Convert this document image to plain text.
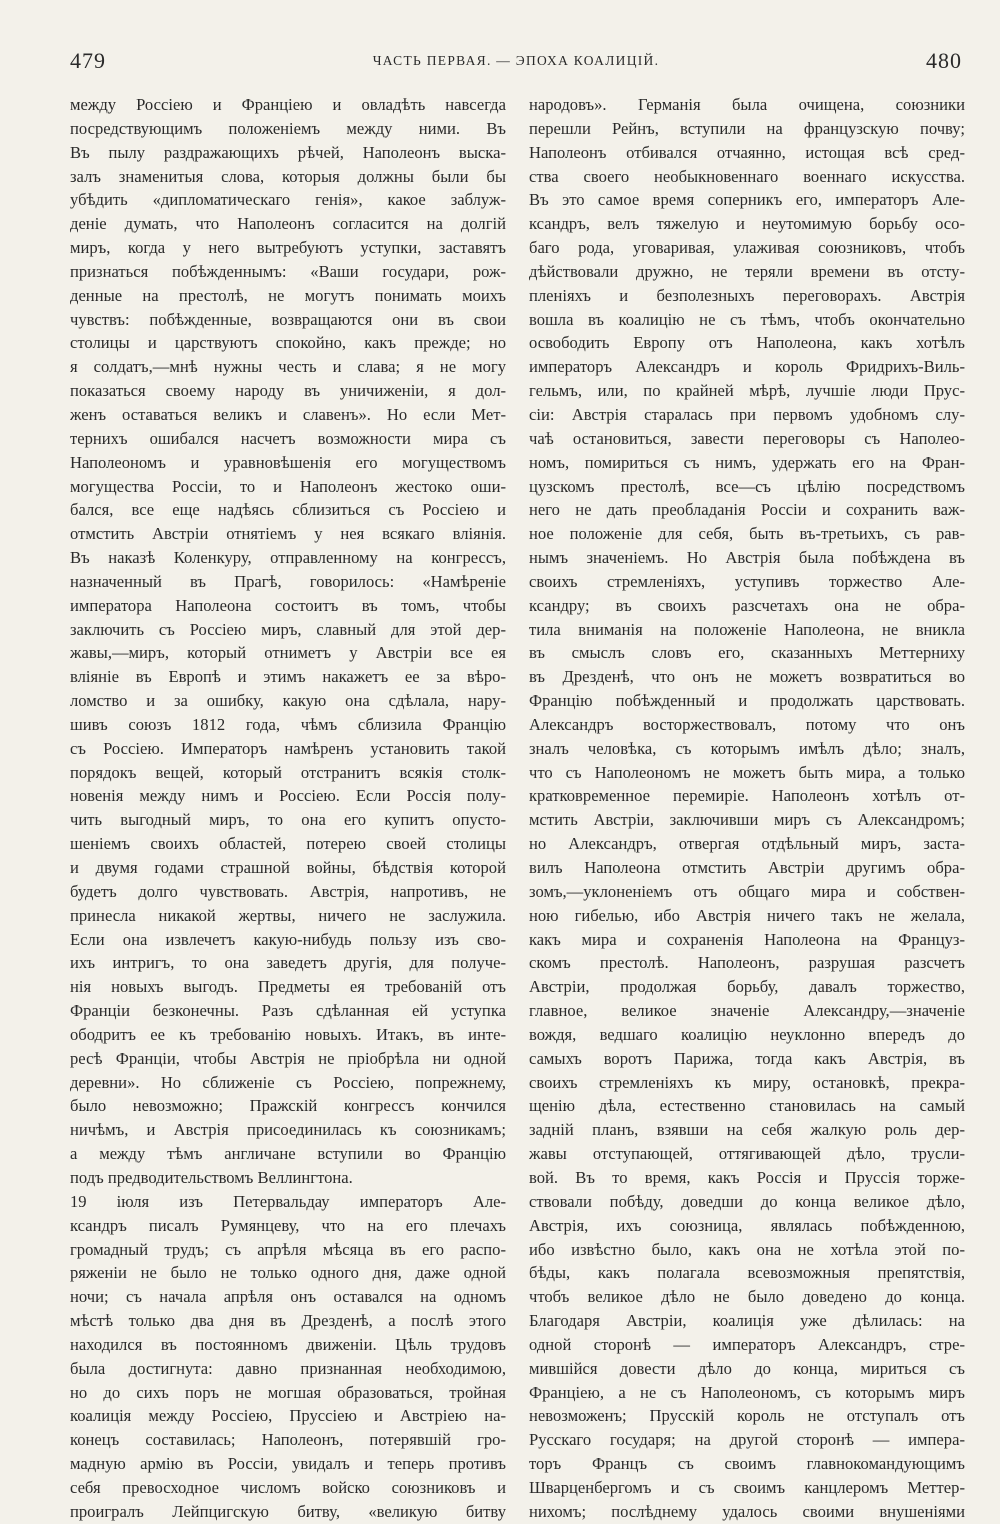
479	ЧАСТЬ ПЕРВАЯ. — ЭПОХА КОАЛИЦІЙ.	480
между Россіею и Франціею и овладѣть навсегда
посредствующимъ положеніемъ между ними. Въ
Въ пылу раздражающихъ рѣчей, Наполеонъ выска-
залъ знаменитыя слова, которыя должны были бы
убѣдить «дипломатическаго генія», какое заблуж-
деніе думать, что Наполеонъ согласится на долгій
миръ, когда у него вытребуютъ уступки, заставятъ
признаться побѣжденнымъ: «Ваши государи, рож-
денные на престолѣ, не могутъ понимать моихъ
чувствъ: побѣжденные, возвращаются они въ свои
столицы и царствуютъ спокойно, какъ прежде; но
я солдатъ,—мнѣ нужны честь и слава; я не могу
показаться своему народу въ уничиженіи, я дол-
женъ оставаться великъ и славенъ». Но если Мет-
терниxъ ошибался насчетъ возможности мира съ
Наполеономъ и уравновѣшенія его могуществомъ
могущества Россіи, то и Наполеонъ жестоко оши-
бался, все еще надѣясь сблизиться съ Россіею и
отмстить Австріи отнятіемъ у нея всякаго вліянія.
Въ наказѣ Коленкуру, отправленному на конгрессъ,
назначенный въ Прагѣ, говорилось: «Намѣреніе
императора Наполеона состоитъ въ томъ, чтобы
заключить съ Россіею миръ, славный для этой дер-
жавы,—миръ, который отниметъ у Австріи все ея
вліяніе въ Европѣ и этимъ накажетъ ее за вѣро-
ломство и за ошибку, какую она сдѣлала, нару-
шивъ союзъ 1812 года, чѣмъ сблизила Францію
съ Россіею. Императоръ намѣренъ установить такой
порядокъ вещей, который отстранитъ всякія столк-
новенія между нимъ и Россіею. Если Россія полу-
чить выгодный миръ, то она его купитъ опусто-
шеніемъ своихъ областей, потерею своей столицы
и двумя годами страшной войны, бѣдствія которой
будетъ долго чувствовать. Австрія, напротивъ, не
принесла никакой жертвы, ничего не заслужила.
Если она извлечетъ какую-нибудь пользу изъ свo-
ихъ интригъ, то она заведетъ другія, для получе-
нія новыхъ выгодъ. Предметы ея требованій отъ
Франціи безконечны. Разъ сдѣланная ей уступка
ободритъ ее къ требованію новыхъ. Итакъ, въ инте-
ресѣ Франціи, чтобы Австрія не пріобрѣла ни одной
деревни». Но сближеніе съ Россіею, попрежнему,
было невозможно; Пражскій конгрессъ кончился
ничѣмъ, и Австрія присоединилась къ союзникамъ;
а между тѣмъ англичане вступили во Францію
подъ предводительствомъ Веллингтона.
19 іюля изъ Петервальдау императоръ Але-
ксандръ писалъ Румянцеву, что на его плечахъ
громадный трудъ; съ апрѣля мѣсяца въ его распо-
ряженіи не было не только одного дня, даже одной
ночи; съ начала апрѣля онъ оставался на одномъ
мѣстѣ только два дня въ Дрезденѣ, а послѣ этого
находился въ постоянномъ движеніи. Цѣль трудовъ
была достигнута: давно признанная необходимою,
но до сихъ поръ не могшая образоваться, тройная
коалиція между Россіею, Пруссіею и Австріею на-
конецъ составилась; Наполеонъ, потерявшій гро-
мадную армію въ Россіи, увидалъ и теперь противъ
себя превосходное числомъ войско союзниковъ и
проигралъ Лейпцигскую битву, «великую битву
народовъ». Германія была очищена, союзники
перешли Рейнъ, вступили на французскую почву;
Наполеонъ отбивался отчаянно, истощая всѣ сред-
ства своего необыкновеннаго военнаго искусства.
Въ это самое время соперникъ его, императоръ Але-
ксандръ, велъ тяжелую и неутомимую борьбу осо-
баго рода, уговаривая, улаживая союзниковъ, чтобъ
дѣйствовали дружно, не теряли времени въ отсту-
пленіяхъ и безполезныхъ переговорахъ. Австрія
вошла въ коалицію не съ тѣмъ, чтобъ окончательно
освободить Европу отъ Наполеона, какъ хотѣлъ
императоръ Александръ и король Фридрихъ-Виль-
гельмъ, или, по крайней мѣрѣ, лучшіе люди Прус-
сіи: Австрія старалась при первомъ удобномъ слу-
чаѣ остановиться, завести переговоры съ Наполео-
номъ, помириться съ нимъ, удержать его на Фран-
цузскомъ престолѣ, все—съ цѣлію посредствомъ
него не дать преобладанія Россіи и сохранить важ-
ное положеніе для себя, быть въ-третьихъ, съ рав-
нымъ значеніемъ. Но Австрія была побѣждена въ
своихъ стремленіяхъ, уступивъ торжество Але-
ксандру; въ своихъ разсчетахъ она не обра-
тила вниманія на положеніе Наполеона, не вникла
въ смыслъ словъ его, сказанныхъ Меттерниху
въ Дрезденѣ, что онъ не можетъ возвратиться во
Францію побѣжденный и продолжать царствовать.
Александръ восторжествовалъ, потому что онъ
зналъ человѣка, съ которымъ имѣлъ дѣло; зналъ,
что съ Наполеономъ не можетъ быть мира, а только
кратковременное перемиріе. Наполеонъ хотѣлъ от-
мстить Австріи, заключивши миръ съ Александромъ;
но Александръ, отвергая отдѣльный миръ, заста-
вилъ Наполеона отмстить Австріи другимъ обра-
зомъ,—уклоненіемъ отъ общаго мира и собствен-
ною гибелью, ибо Австрія ничего такъ не желала,
какъ мира и сохраненія Наполеона на Француз-
скомъ престолѣ. Наполеонъ, разрушая разсчетъ
Австріи, продолжая борьбу, давалъ торжество,
главное, великое значеніе Александру,—значеніе
вождя, ведшаго коалицію неуклонно впередъ до
самыхъ воротъ Парижа, тогда какъ Австрія, въ
своихъ стремленіяхъ къ миру, остановкѣ, прекра-
щенію дѣла, естественно становилась на самый
задній планъ, взявши на себя жалкую роль дер-
жавы отступающей, оттягивающей дѣло, трусли-
вой. Въ то время, какъ Россія и Пруссія торже-
ствовали побѣду, доведши до конца великое дѣло,
Австрія, ихъ союзница, являлась побѣжденною,
ибо извѣстно было, какъ она не хотѣла этой по-
бѣды, какъ полагала всевозможныя препятствія,
чтобъ великое дѣло не было доведено до конца.
Благодаря Австріи, коалиція уже дѣлилась: на
одной сторонѣ — императоръ Александръ, стре-
мившійся довести дѣло до конца, мириться съ
Франціею, а не съ Наполеономъ, съ которымъ миръ
невозможенъ; Прусскій король не отступалъ отъ
Русскаго государя; на другой сторонѣ — импера-
торъ Францъ съ своимъ главнокомандующимъ
Шварценбергомъ и съ своимъ канцлеромъ Меттер-
нихомъ; послѣднему удалось своими внушеніями
